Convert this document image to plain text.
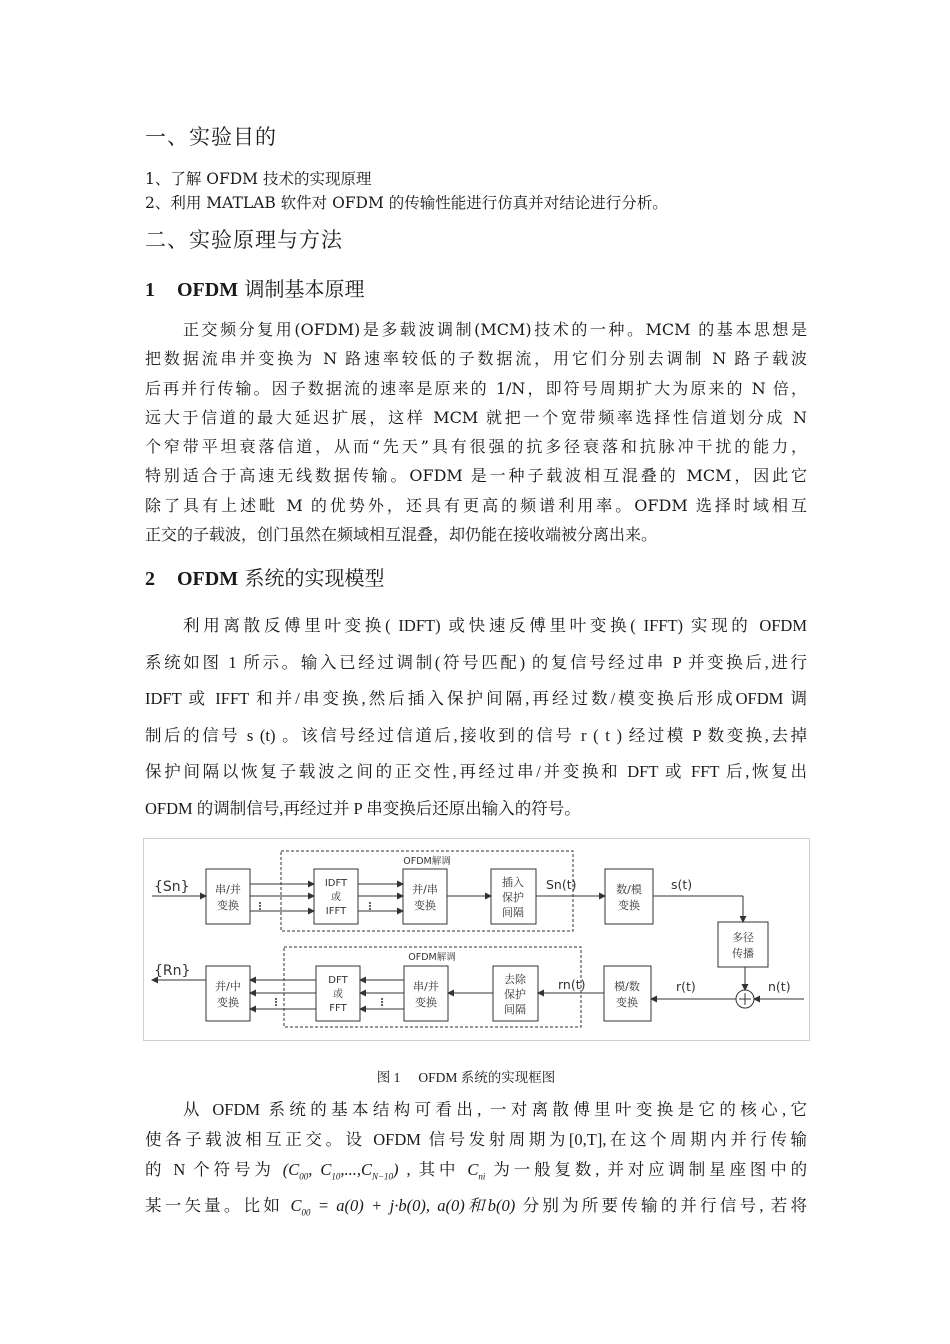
一、实验目的
1、了解 OFDM 技术的实现原理
2、利用 MATLAB 软件对 OFDM 的传输性能进行仿真并对结论进行分析。
二、实验原理与方法
1 OFDM 调制基本原理
正交频分复用(OFDM)是多载波调制(MCM)技术的一种。MCM 的基本思想是
把数据流串并变换为 N 路速率较低的子数据流，用它们分别去调制 N 路子载波
后再并行传输。因子数据流的速率是原来的 1/N，即符号周期扩大为原来的 N 倍，
远大于信道的最大延迟扩展，这样 MCM 就把一个宽带频率选择性信道划分成 N
个窄带平坦衰落信道，从而“先天”具有很强的抗多径衰落和抗脉冲干扰的能力，
特别适合于高速无线数据传输。OFDM 是一种子载波相互混叠的 MCM，因此它
除了具有上述毗 M 的优势外，还具有更高的频谱利用率。OFDM 选择时域相互
正交的子载波，创门虽然在频域相互混叠，却仍能在接收端被分离出来。
2 OFDM 系统的实现模型
利用离散反傅里叶变换( IDFT) 或快速反傅里叶变换( IFFT) 实现的 OFDM
系统如图 1 所示。输入已经过调制(符号匹配) 的复信号经过串 P 并变换后,进行
IDFT 或 IFFT 和并/串变换,然后插入保护间隔,再经过数/模变换后形成OFDM 调
制后的信号 s (t) 。该信号经过信道后,接收到的信号 r ( t ) 经过模 P 数变换,去掉
保护间隔以恢复子载波之间的正交性,再经过串/并变换和 DFT 或 FFT 后,恢复出
OFDM 的调制信号,再经过并 P 串变换后还原出输入的符号。
OFDM解调
OFDM解调
{Sn}
{Rn}
串/并
变换
IDFT
或
IFFT
并/串
变换
插入
保护
间隔
Sn(t)	数/模
变换
s(t)
多径
传播
并/中
变换
DFT
或
FFT
串/并
变换
去除
保护
间隔
rn(t)	模/数
变换
r(t)	n(t)
图 1 OFDM 系统的实现框图
从 OFDM 系统的基本结构可看出, 一对离散傅里叶变换是它的核心,它
使各子载波相互正交。设 OFDM 信号发射周期为[0,T],在这个周期内并行传输
的 N 个符号为 ($C_{00}$, $C_{10},...,C_{N-10}$) , 其中 $C_{ni}$ 为一般复数, 并对应调制星座图中的
某一矢量。比如 $C_{00} = a(0) + j\cdot b(0)$, a(0)和b(0) 分别为所要传输的并行信号, 若将
